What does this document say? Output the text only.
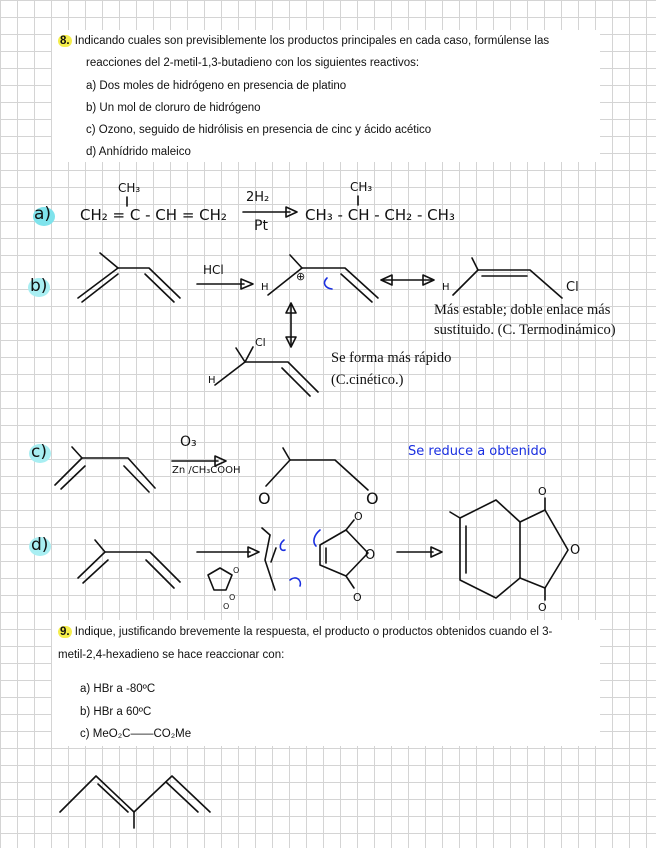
8. Indicando cuales son previsiblemente los productos principales en cada caso, formúlense las
reacciones del 2-metil-1,3-butadieno con los siguientes reactivos:
a) Dos moles de hidrógeno en presencia de platino
b) Un mol de cloruro de hidrógeno
c) Ozono, seguido de hidrólisis en presencia de cinc y ácido acético
d) Anhídrido maleico
a)
CH₃
CH₂ = C - CH = CH₂
2H₂
Pt
CH₃
CH₃ - CH - CH₂ - CH₃
b)
HCl
H
⊕
H
Cl
H
Cl
Más estable; doble enlace más
sustituido. (C. Termodinámico)
Se forma más rápido
(C.cinético.)
c)	O₃
Zn /CH₃COOH
O	O
Se reduce a obtenido
d)
O
O
O
O
O
O
O
O
O
9. Indique, justificando brevemente la respuesta, el producto o productos obtenidos cuando el 3-
metil-2,4-hexadieno se hace reaccionar con:
a) HBr a -80ºC
b) HBr a 60ºC
c) MeO₂C——CO₂Me
